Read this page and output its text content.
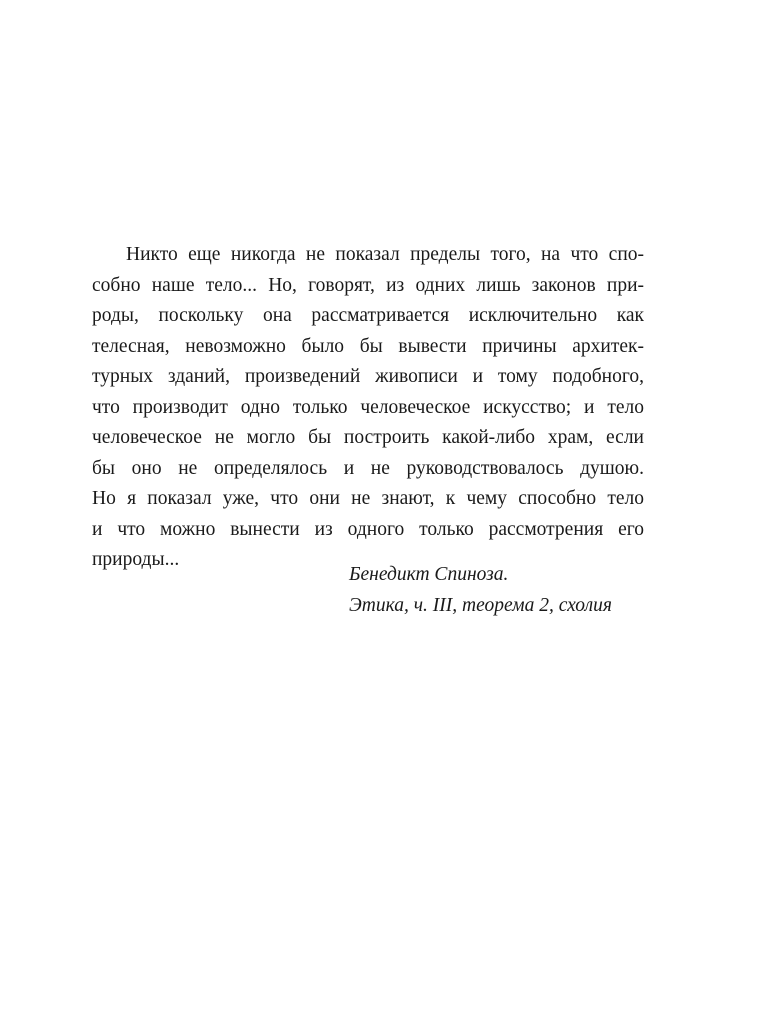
Никто еще никогда не показал пределы того, на что спо-
собно наше тело... Но, говорят, из одних лишь законов при-
роды, поскольку она рассматривается исключительно как
телесная, невозможно было бы вывести причины архитек-
турных зданий, произведений живописи и тому подобного,
что производит одно только человеческое искусство; и тело
человеческое не могло бы построить какой-либо храм, если
бы оно не определялось и не руководствовалось душою.
Но я показал уже, что они не знают, к чему способно тело
и что можно вынести из одного только рассмотрения его
природы...

Бенедикт Спиноза.
Этика, ч. III, теорема 2, схолия
